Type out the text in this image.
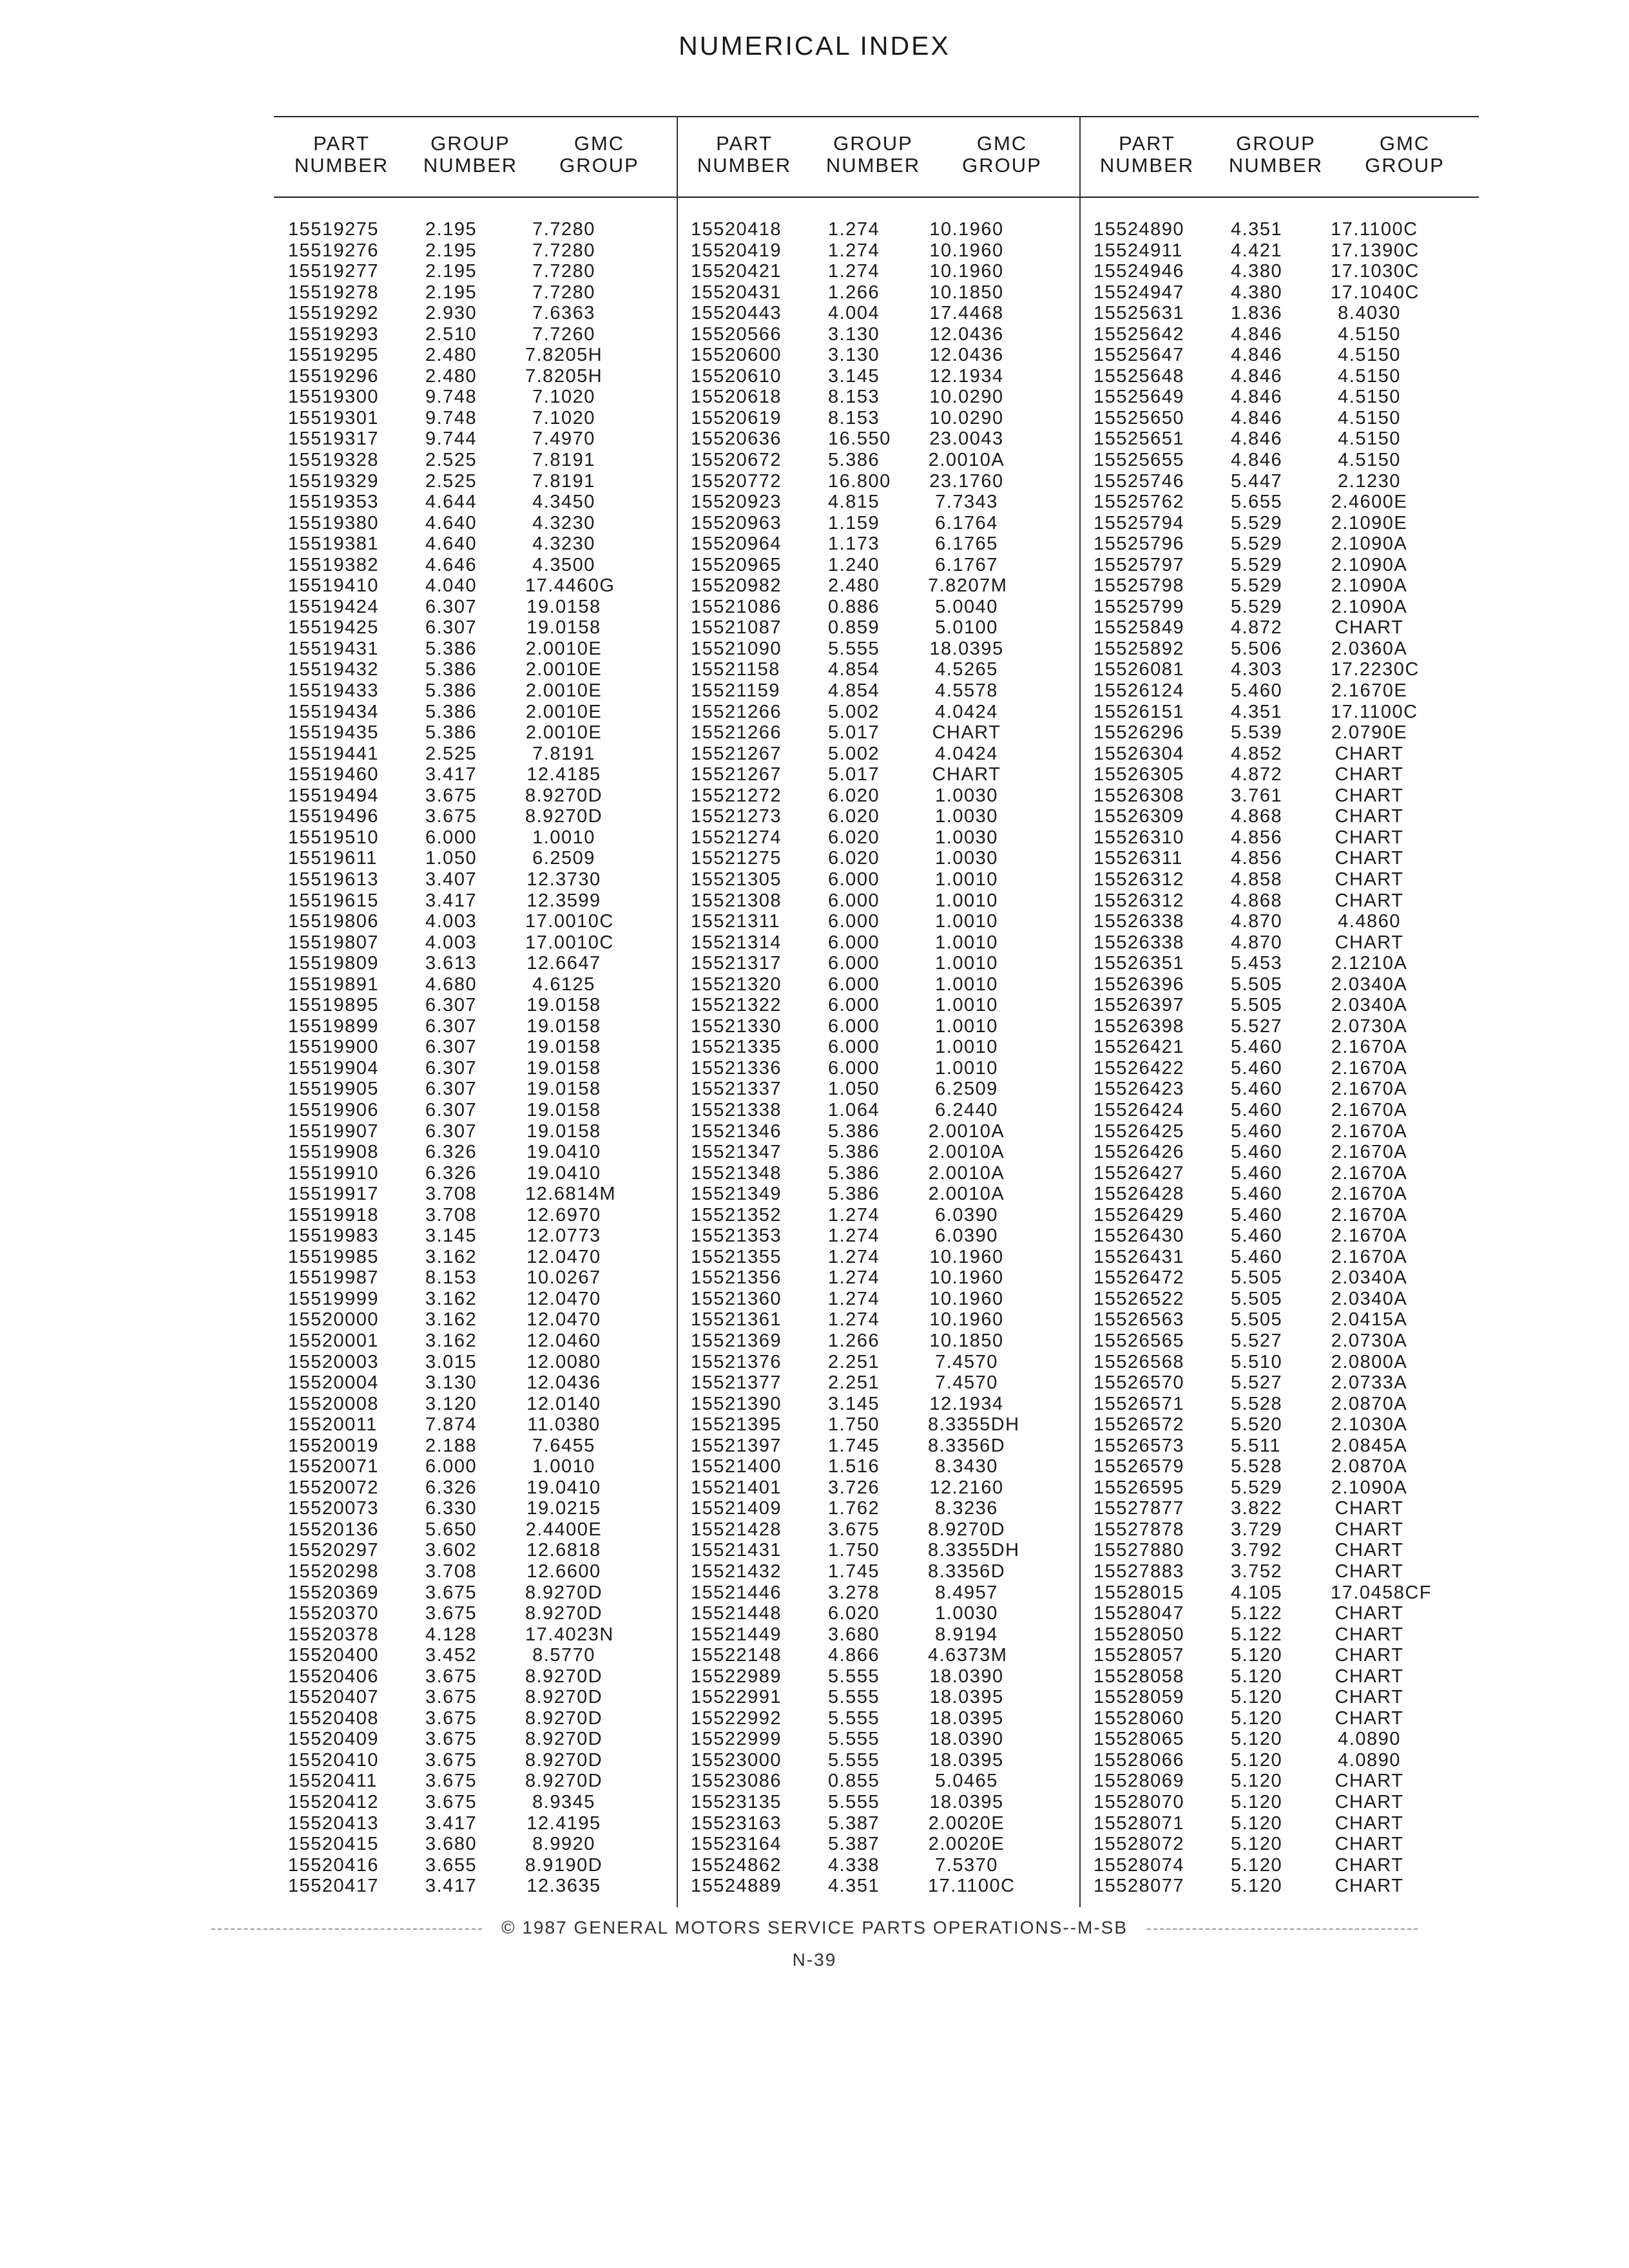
NUMERICAL INDEX
PART
NUMBER
GROUP
NUMBER
GMC
GROUP
15519275 2.195	7.7280
15519276 2.195	7.7280
15519277 2.195	7.7280
15519278 2.195	7.7280
15519292 2.930	7.6363
15519293 2.510	7.7260
15519295 2.480	7.8205H
15519296 2.480	7.8205H
15519300 9.748	7.1020
15519301 9.748	7.1020
15519317 9.744	7.4970
15519328 2.525	7.8191
15519329 2.525	7.8191
15519353 4.644	4.3450
15519380 4.640	4.3230
15519381 4.640	4.3230
15519382 4.646	4.3500
15519410 4.040	17.4460G
15519424 6.307	19.0158
15519425 6.307	19.0158
15519431 5.386	2.0010E
15519432 5.386	2.0010E
15519433 5.386	2.0010E
15519434 5.386	2.0010E
15519435 5.386	2.0010E
15519441 2.525	7.8191
15519460 3.417	12.4185
15519494 3.675	8.9270D
15519496 3.675	8.9270D
15519510 6.000	1.0010
15519611	1.050	6.2509
15519613 3.407	12.3730
15519615 3.417	12.3599
15519806 4.003	17.0010C
15519807 4.003	17.0010C
15519809 3.613	12.6647
15519891 4.680	4.6125
15519895 6.307	19.0158
15519899 6.307	19.0158
15519900 6.307	19.0158
15519904 6.307	19.0158
15519905 6.307	19.0158
15519906 6.307	19.0158
15519907 6.307	19.0158
15519908 6.326	19.0410
15519910 6.326	19.0410
15519917 3.708	12.6814M
15519918 3.708	12.6970
15519983 3.145	12.0773
15519985 3.162	12.0470
15519987 8.153	10.0267
15519999 3.162	12.0470
15520000 3.162	12.0470
15520001 3.162	12.0460
15520003 3.015	12.0080
15520004 3.130	12.0436
15520008 3.120	12.0140
15520011	7.874	11.0380
15520019 2.188	7.6455
15520071 6.000	1.0010
15520072 6.326	19.0410
15520073 6.330	19.0215
15520136 5.650	2.4400E
15520297 3.602	12.6818
15520298 3.708	12.6600
15520369 3.675	8.9270D
15520370 3.675	8.9270D
15520378 4.128	17.4023N
15520400 3.452	8.5770
15520406 3.675	8.9270D
15520407 3.675	8.9270D
15520408 3.675	8.9270D
15520409 3.675	8.9270D
15520410 3.675	8.9270D
15520411	3.675	8.9270D
15520412 3.675	8.9345
15520413 3.417	12.4195
15520415 3.680	8.9920
15520416 3.655	8.9190D
15520417 3.417	12.3635
PART
NUMBER
GROUP
NUMBER
GMC
GROUP
15520418 1.274	10.1960
15520419 1.274	10.1960
15520421 1.274	10.1960
15520431 1.266	10.1850
15520443 4.004	17.4468
15520566 3.130	12.0436
15520600 3.130	12.0436
15520610 3.145	12.1934
15520618 8.153	10.0290
15520619 8.153	10.0290
15520636 16.550 23.0043
15520672 5.386	2.0010A
15520772 16.800 23.1760
15520923 4.815	7.7343
15520963 1.159	6.1764
15520964 1.173	6.1765
15520965 1.240	6.1767
15520982 2.480	7.8207M
15521086 0.886	5.0040
15521087 0.859	5.0100
15521090 5.555	18.0395
15521158	4.854	4.5265
15521159	4.854	4.5578
15521266 5.002	4.0424
15521266 5.017	CHART
15521267 5.002	4.0424
15521267 5.017	CHART
15521272 6.020	1.0030
15521273 6.020	1.0030
15521274 6.020	1.0030
15521275 6.020	1.0030
15521305 6.000	1.0010
15521308 6.000	1.0010
15521311	6.000	1.0010
15521314 6.000	1.0010
15521317 6.000	1.0010
15521320 6.000	1.0010
15521322 6.000	1.0010
15521330 6.000	1.0010
15521335 6.000	1.0010
15521336 6.000	1.0010
15521337 1.050	6.2509
15521338 1.064	6.2440
15521346 5.386	2.0010A
15521347 5.386	2.0010A
15521348 5.386	2.0010A
15521349 5.386	2.0010A
15521352 1.274	6.0390
15521353 1.274	6.0390
15521355 1.274	10.1960
15521356 1.274	10.1960
15521360 1.274	10.1960
15521361 1.274	10.1960
15521369 1.266	10.1850
15521376 2.251	7.4570
15521377 2.251	7.4570
15521390 3.145	12.1934
15521395 1.750	8.3355DH
15521397 1.745	8.3356D
15521400 1.516	8.3430
15521401 3.726	12.2160
15521409 1.762	8.3236
15521428 3.675	8.9270D
15521431 1.750	8.3355DH
15521432 1.745	8.3356D
15521446 3.278	8.4957
15521448 6.020	1.0030
15521449 3.680	8.9194
15522148 4.866	4.6373M
15522989 5.555	18.0390
15522991 5.555	18.0395
15522992 5.555	18.0395
15522999 5.555	18.0390
15523000 5.555	18.0395
15523086 0.855	5.0465
15523135 5.555	18.0395
15523163 5.387	2.0020E
15523164 5.387	2.0020E
15524862 4.338	7.5370
15524889 4.351	17.1100C
PART
NUMBER
GROUP
NUMBER
GMC
GROUP
15524890 4.351	17.1100C
15524911	4.421	17.1390C
15524946 4.380	17.1030C
15524947 4.380	17.1040C
15525631 1.836	8.4030
15525642 4.846	4.5150
15525647 4.846	4.5150
15525648 4.846	4.5150
15525649 4.846	4.5150
15525650 4.846	4.5150
15525651 4.846	4.5150
15525655 4.846	4.5150
15525746 5.447	2.1230
15525762 5.655	2.4600E
15525794 5.529	2.1090E
15525796 5.529	2.1090A
15525797 5.529	2.1090A
15525798 5.529	2.1090A
15525799 5.529	2.1090A
15525849 4.872	CHART
15525892 5.506	2.0360A
15526081 4.303	17.2230C
15526124 5.460	2.1670E
15526151 4.351	17.1100C
15526296 5.539	2.0790E
15526304 4.852	CHART
15526305 4.872	CHART
15526308 3.761	CHART
15526309 4.868	CHART
15526310 4.856	CHART
15526311	4.856	CHART
15526312 4.858	CHART
15526312 4.868	CHART
15526338 4.870	4.4860
15526338 4.870	CHART
15526351 5.453	2.1210A
15526396 5.505	2.0340A
15526397 5.505	2.0340A
15526398 5.527	2.0730A
15526421 5.460	2.1670A
15526422 5.460	2.1670A
15526423 5.460	2.1670A
15526424 5.460	2.1670A
15526425 5.460	2.1670A
15526426 5.460	2.1670A
15526427 5.460	2.1670A
15526428 5.460	2.1670A
15526429 5.460	2.1670A
15526430 5.460	2.1670A
15526431 5.460	2.1670A
15526472 5.505	2.0340A
15526522 5.505	2.0340A
15526563 5.505	2.0415A
15526565 5.527	2.0730A
15526568 5.510	2.0800A
15526570 5.527	2.0733A
15526571 5.528	2.0870A
15526572 5.520	2.1030A
15526573 5.511	2.0845A
15526579 5.528	2.0870A
15526595 5.529	2.1090A
15527877 3.822	CHART
15527878 3.729	CHART
15527880 3.792	CHART
15527883 3.752	CHART
15528015 4.105	17.0458CF
15528047 5.122	CHART
15528050 5.122	CHART
15528057 5.120	CHART
15528058 5.120	CHART
15528059 5.120	CHART
15528060 5.120	CHART
15528065 5.120	4.0890
15528066 5.120	4.0890
15528069 5.120	CHART
15528070 5.120	CHART
15528071 5.120	CHART
15528072 5.120	CHART
15528074 5.120	CHART
15528077 5.120	CHART
© 1987 GENERAL MOTORS SERVICE PARTS OPERATIONS--M-SB
N-39
